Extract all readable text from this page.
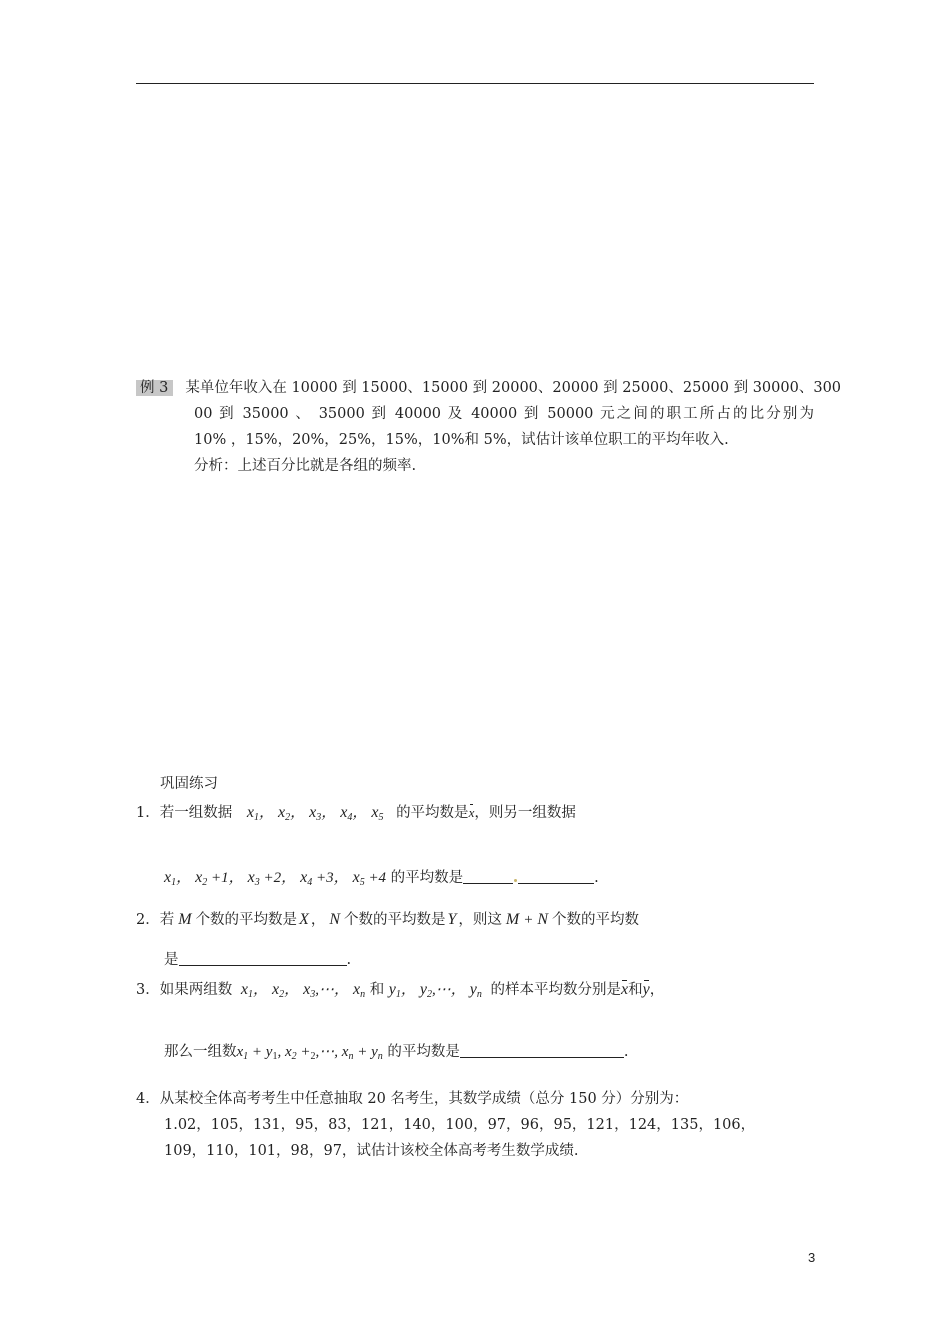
例 3 某单位年收入在 10000 到 15000、15000 到 20000、20000 到 25000、25000 到 30000、300
00 到 35000 、 35000 到 40000 及 40000 到 50000 元之间的职工所占的比分别为
10% ，15%，20%，25%，15%，10%和 5%，试估计该单位职工的平均年收入.
分析：上述百分比就是各组的频率.
巩固练习
1．若一组数据 $x_1$， $x_2$， $x_3$， $x_4$， $x_5$ 的平均数是x，则另一组数据
$x_1$， $x_2 +1$， $x_3 +2$， $x_4 +3$， $x_5 +4$ 的平均数是	.
2．若 M 个数的平均数是 X ， N 个数的平均数是 Y ，则这 M + N 个数的平均数
是	.
3．如果两组数 $x_1$， $x_2$， $x_3,\cdots$， $x_n$ 和 $y_1$， $y_2,\cdots$， $y_n$ 的样本平均数分别是x和y，
那么一组数$x_1 + y_1$, $x_2$ $+_2,\cdots$, $x_n + y_n$ 的平均数是	.
4．从某校全体高考考生中任意抽取 20 名考生，其数学成绩（总分 150 分）分别为：
1.02，105，131，95，83，121，140，100，97，96，95，121，124，135，106，
109，110，101，98，97，试估计该校全体高考考生数学成绩.
3
